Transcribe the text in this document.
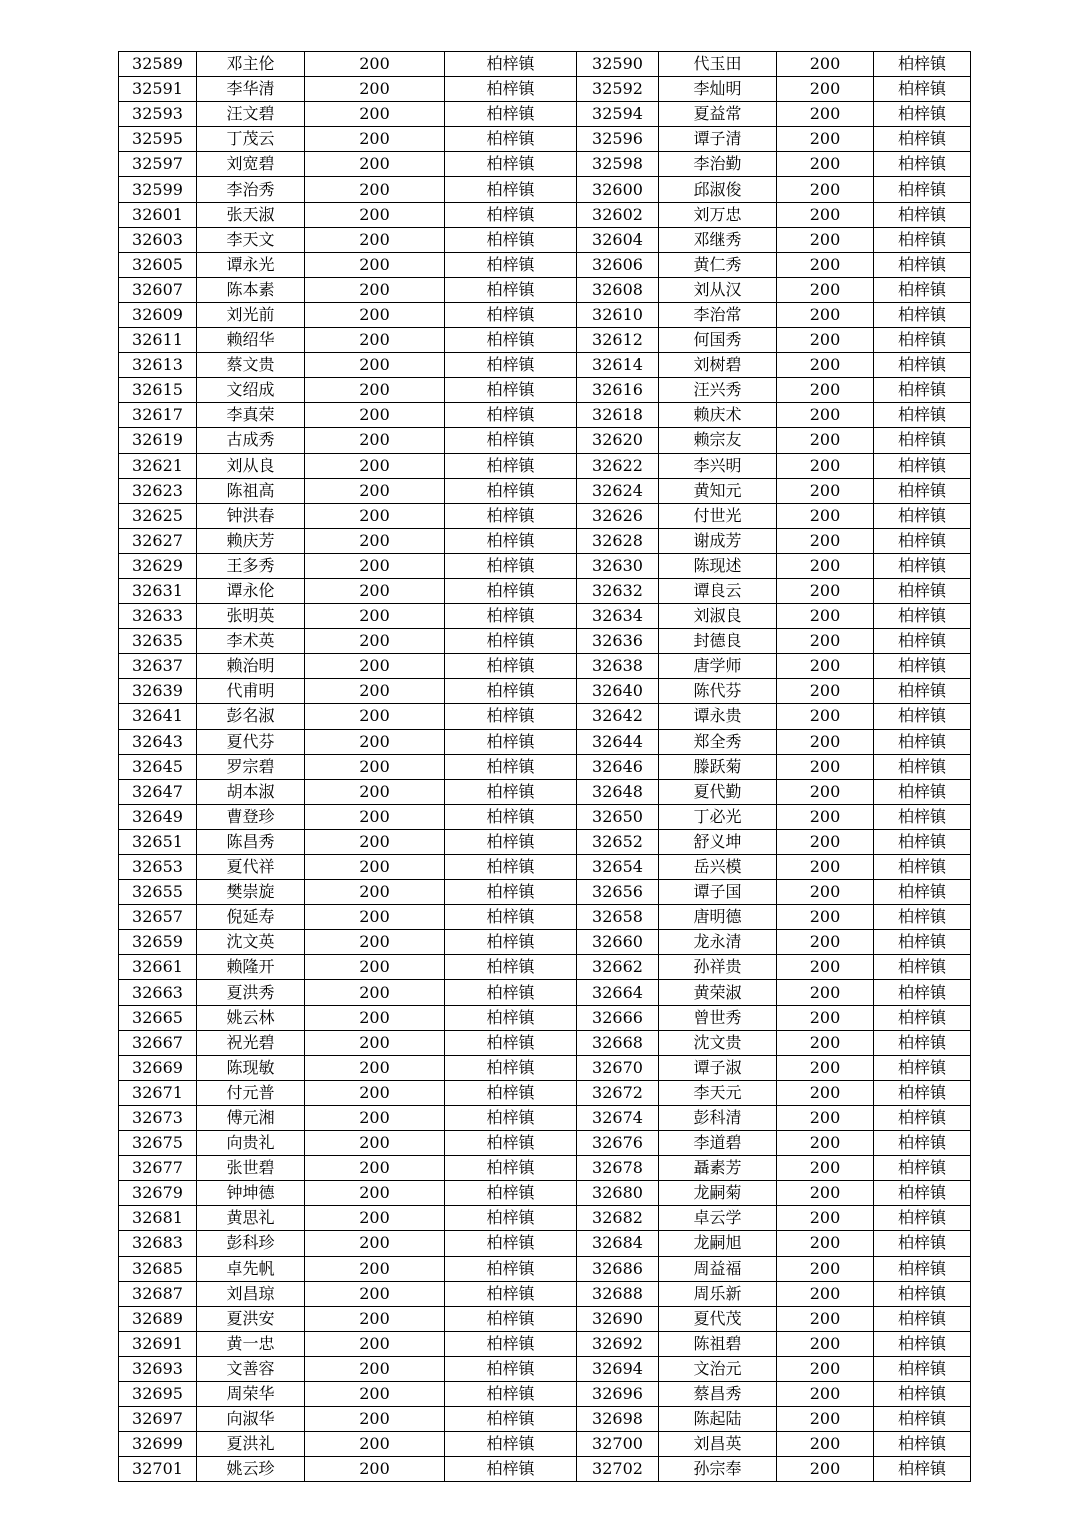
32589	邓主伦	200	柏梓镇	32590	代玉田	200	柏梓镇
32591	李华清	200	柏梓镇	32592	李灿明	200	柏梓镇
32593	汪文碧	200	柏梓镇	32594	夏益常	200	柏梓镇
32595	丁茂云	200	柏梓镇	32596	谭子清	200	柏梓镇
32597	刘宽碧	200	柏梓镇	32598	李治勤	200	柏梓镇
32599	李治秀	200	柏梓镇	32600	邱淑俊	200	柏梓镇
32601	张天淑	200	柏梓镇	32602	刘万忠	200	柏梓镇
32603	李天文	200	柏梓镇	32604	邓继秀	200	柏梓镇
32605	谭永光	200	柏梓镇	32606	黄仁秀	200	柏梓镇
32607	陈本素	200	柏梓镇	32608	刘从汉	200	柏梓镇
32609	刘光前	200	柏梓镇	32610	李治常	200	柏梓镇
32611	赖绍华	200	柏梓镇	32612	何国秀	200	柏梓镇
32613	蔡文贵	200	柏梓镇	32614	刘树碧	200	柏梓镇
32615	文绍成	200	柏梓镇	32616	汪兴秀	200	柏梓镇
32617	李真荣	200	柏梓镇	32618	赖庆术	200	柏梓镇
32619	古成秀	200	柏梓镇	32620	赖宗友	200	柏梓镇
32621	刘从良	200	柏梓镇	32622	李兴明	200	柏梓镇
32623	陈祖高	200	柏梓镇	32624	黄知元	200	柏梓镇
32625	钟洪春	200	柏梓镇	32626	付世光	200	柏梓镇
32627	赖庆芳	200	柏梓镇	32628	谢成芳	200	柏梓镇
32629	王多秀	200	柏梓镇	32630	陈现述	200	柏梓镇
32631	谭永伦	200	柏梓镇	32632	谭良云	200	柏梓镇
32633	张明英	200	柏梓镇	32634	刘淑良	200	柏梓镇
32635	李术英	200	柏梓镇	32636	封德良	200	柏梓镇
32637	赖治明	200	柏梓镇	32638	唐学师	200	柏梓镇
32639	代甫明	200	柏梓镇	32640	陈代芬	200	柏梓镇
32641	彭名淑	200	柏梓镇	32642	谭永贵	200	柏梓镇
32643	夏代芬	200	柏梓镇	32644	郑全秀	200	柏梓镇
32645	罗宗碧	200	柏梓镇	32646	滕跃菊	200	柏梓镇
32647	胡本淑	200	柏梓镇	32648	夏代勤	200	柏梓镇
32649	曹登珍	200	柏梓镇	32650	丁必光	200	柏梓镇
32651	陈昌秀	200	柏梓镇	32652	舒义坤	200	柏梓镇
32653	夏代祥	200	柏梓镇	32654	岳兴模	200	柏梓镇
32655	樊崇旋	200	柏梓镇	32656	谭子国	200	柏梓镇
32657	倪延寿	200	柏梓镇	32658	唐明德	200	柏梓镇
32659	沈文英	200	柏梓镇	32660	龙永清	200	柏梓镇
32661	赖隆开	200	柏梓镇	32662	孙祥贵	200	柏梓镇
32663	夏洪秀	200	柏梓镇	32664	黄荣淑	200	柏梓镇
32665	姚云林	200	柏梓镇	32666	曾世秀	200	柏梓镇
32667	祝光碧	200	柏梓镇	32668	沈文贵	200	柏梓镇
32669	陈现敏	200	柏梓镇	32670	谭子淑	200	柏梓镇
32671	付元普	200	柏梓镇	32672	李天元	200	柏梓镇
32673	傅元湘	200	柏梓镇	32674	彭科清	200	柏梓镇
32675	向贵礼	200	柏梓镇	32676	李道碧	200	柏梓镇
32677	张世碧	200	柏梓镇	32678	聶素芳	200	柏梓镇
32679	钟坤德	200	柏梓镇	32680	龙嗣菊	200	柏梓镇
32681	黄思礼	200	柏梓镇	32682	卓云学	200	柏梓镇
32683	彭科珍	200	柏梓镇	32684	龙嗣旭	200	柏梓镇
32685	卓先帆	200	柏梓镇	32686	周益福	200	柏梓镇
32687	刘昌琼	200	柏梓镇	32688	周乐新	200	柏梓镇
32689	夏洪安	200	柏梓镇	32690	夏代茂	200	柏梓镇
32691	黄一忠	200	柏梓镇	32692	陈祖碧	200	柏梓镇
32693	文善容	200	柏梓镇	32694	文治元	200	柏梓镇
32695	周荣华	200	柏梓镇	32696	蔡昌秀	200	柏梓镇
32697	向淑华	200	柏梓镇	32698	陈起陆	200	柏梓镇
32699	夏洪礼	200	柏梓镇	32700	刘昌英	200	柏梓镇
32701	姚云珍	200	柏梓镇	32702	孙宗奉	200	柏梓镇
